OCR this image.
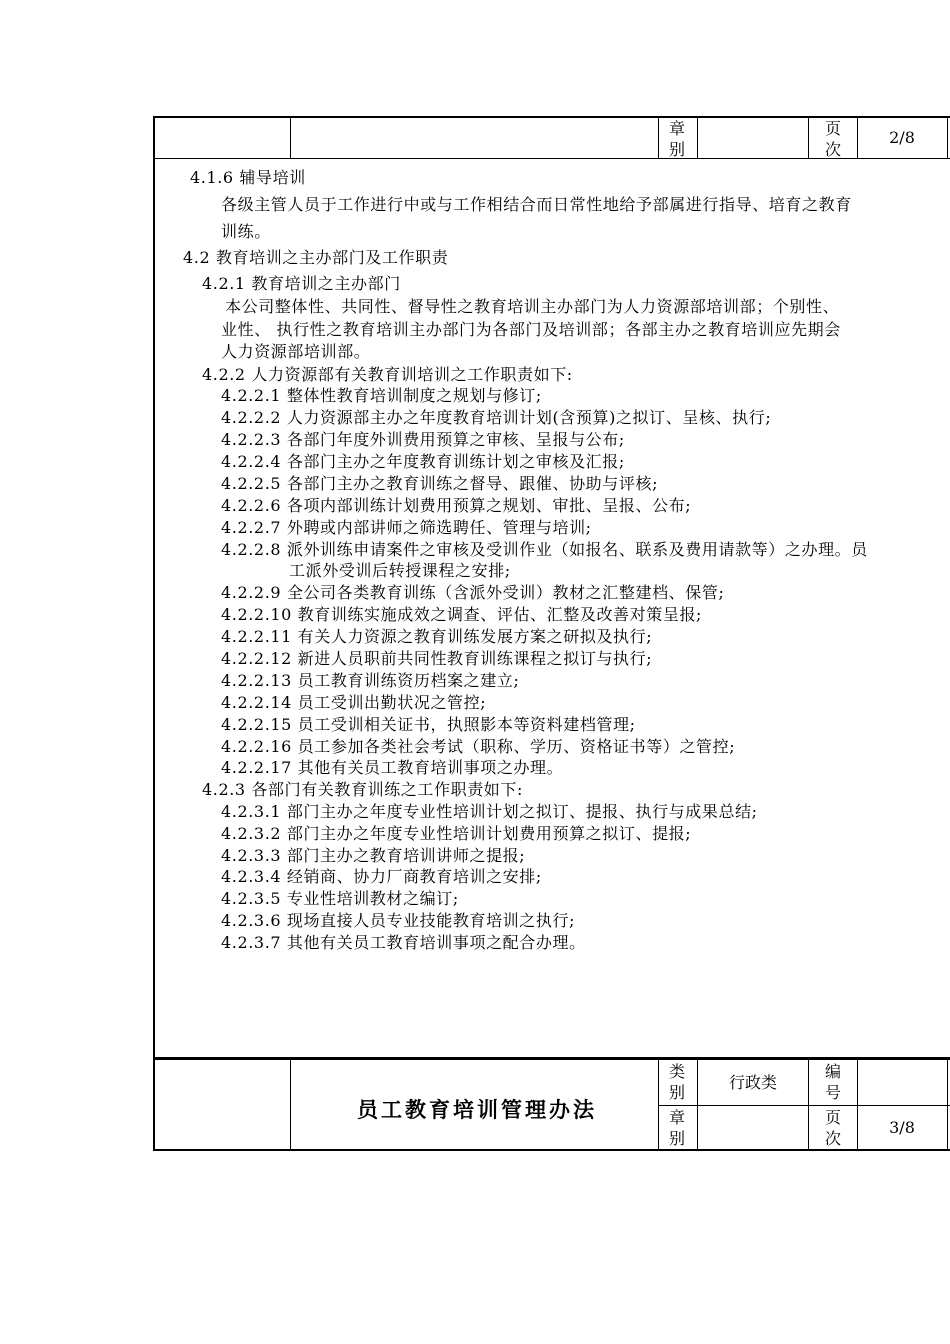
章
别
页
次
2/8
4.1.6 辅导培训
各级主管人员于工作进行中或与工作相结合而日常性地给予部属进行指导、培育之教育
训练。
4.2 教育培训之主办部门及工作职责
4.2.1 教育培训之主办部门
本公司整体性、共同性、督导性之教育培训主办部门为人力资源部培训部；个别性、
业性、 执行性之教育培训主办部门为各部门及培训部；各部主办之教育培训应先期会
人力资源部培训部。
4.2.2 人力资源部有关教育训培训之工作职责如下:
4.2.2.1 整体性教育培训制度之规划与修订;
4.2.2.2 人力资源部主办之年度教育培训计划(含预算)之拟订、呈核、执行;
4.2.2.3 各部门年度外训费用预算之审核、呈报与公布;
4.2.2.4 各部门主办之年度教育训练计划之审核及汇报;
4.2.2.5 各部门主办之教育训练之督导、跟催、协助与评核;
4.2.2.6 各项内部训练计划费用预算之规划、审批、呈报、公布;
4.2.2.7 外聘或内部讲师之筛选聘任、管理与培训;
4.2.2.8 派外训练申请案件之审核及受训作业（如报名、联系及费用请款等）之办理。员
工派外受训后转授课程之安排;
4.2.2.9 全公司各类教育训练（含派外受训）教材之汇整建档、保管;
4.2.2.10 教育训练实施成效之调查、评估、汇整及改善对策呈报;
4.2.2.11 有关人力资源之教育训练发展方案之研拟及执行;
4.2.2.12 新进人员职前共同性教育训练课程之拟订与执行;
4.2.2.13 员工教育训练资历档案之建立;
4.2.2.14 员工受训出勤状况之管控;
4.2.2.15 员工受训相关证书，执照影本等资料建档管理;
4.2.2.16 员工参加各类社会考试（职称、学历、资格证书等）之管控;
4.2.2.17 其他有关员工教育培训事项之办理。
4.2.3 各部门有关教育训练之工作职责如下:
4.2.3.1 部门主办之年度专业性培训计划之拟订、提报、执行与成果总结;
4.2.3.2 部门主办之年度专业性培训计划费用预算之拟订、提报;
4.2.3.3 部门主办之教育培训讲师之提报;
4.2.3.4 经销商、协力厂商教育培训之安排;
4.2.3.5 专业性培训教材之编订;
4.2.3.6 现场直接人员专业技能教育培训之执行;
4.2.3.7 其他有关员工教育培训事项之配合办理。
员工教育培训管理办法
类
别
行政类
编
号
章
别
页
次
3/8
